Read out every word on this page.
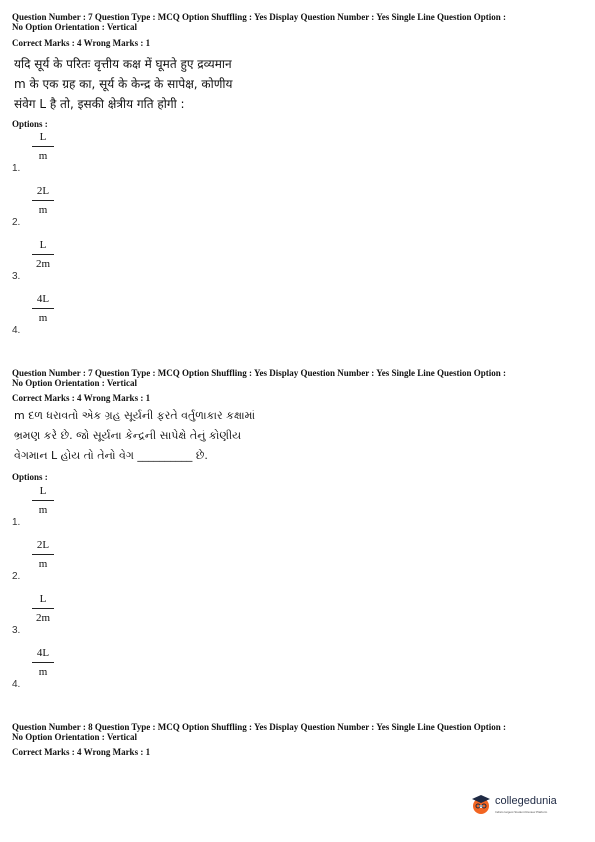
Question Number : 7 Question Type : MCQ Option Shuffling : Yes Display Question Number : Yes Single Line Question Option :
No Option Orientation : Vertical
Correct Marks : 4 Wrong Marks : 1
यदि सूर्य के परितः वृत्तीय कक्ष में घूमते हुए द्रव्यमान
m के एक ग्रह का, सूर्य के केन्द्र के सापेक्ष, कोणीय
संवेग L है तो, इसकी क्षेत्रीय गति होगी :
Options :
1.
L
m
2.
2L
m
3.
L
2m
4.
4L
m
Question Number : 7 Question Type : MCQ Option Shuffling : Yes Display Question Number : Yes Single Line Question Option :
No Option Orientation : Vertical
Correct Marks : 4 Wrong Marks : 1
m દળ ધરાવતો એક ગ્રહ સૂર્યની ફરતે વર્તુળાકાર કક્ષામાં
ભ્રમણ કરે છે. જો સૂર્યના કેન્દ્રની સાપેક્ષે તેનું કોણીય
વેગમાન L હોય તો તેનો વેગ __________ છે.
Options :
1.
L
m
2.
2L
m
3.
L
2m
4.
4L
m
Question Number : 8 Question Type : MCQ Option Shuffling : Yes Display Question Number : Yes Single Line Question Option :
No Option Orientation : Vertical
Correct Marks : 4 Wrong Marks : 1
collegedunia
India's largest Student Review Platform
